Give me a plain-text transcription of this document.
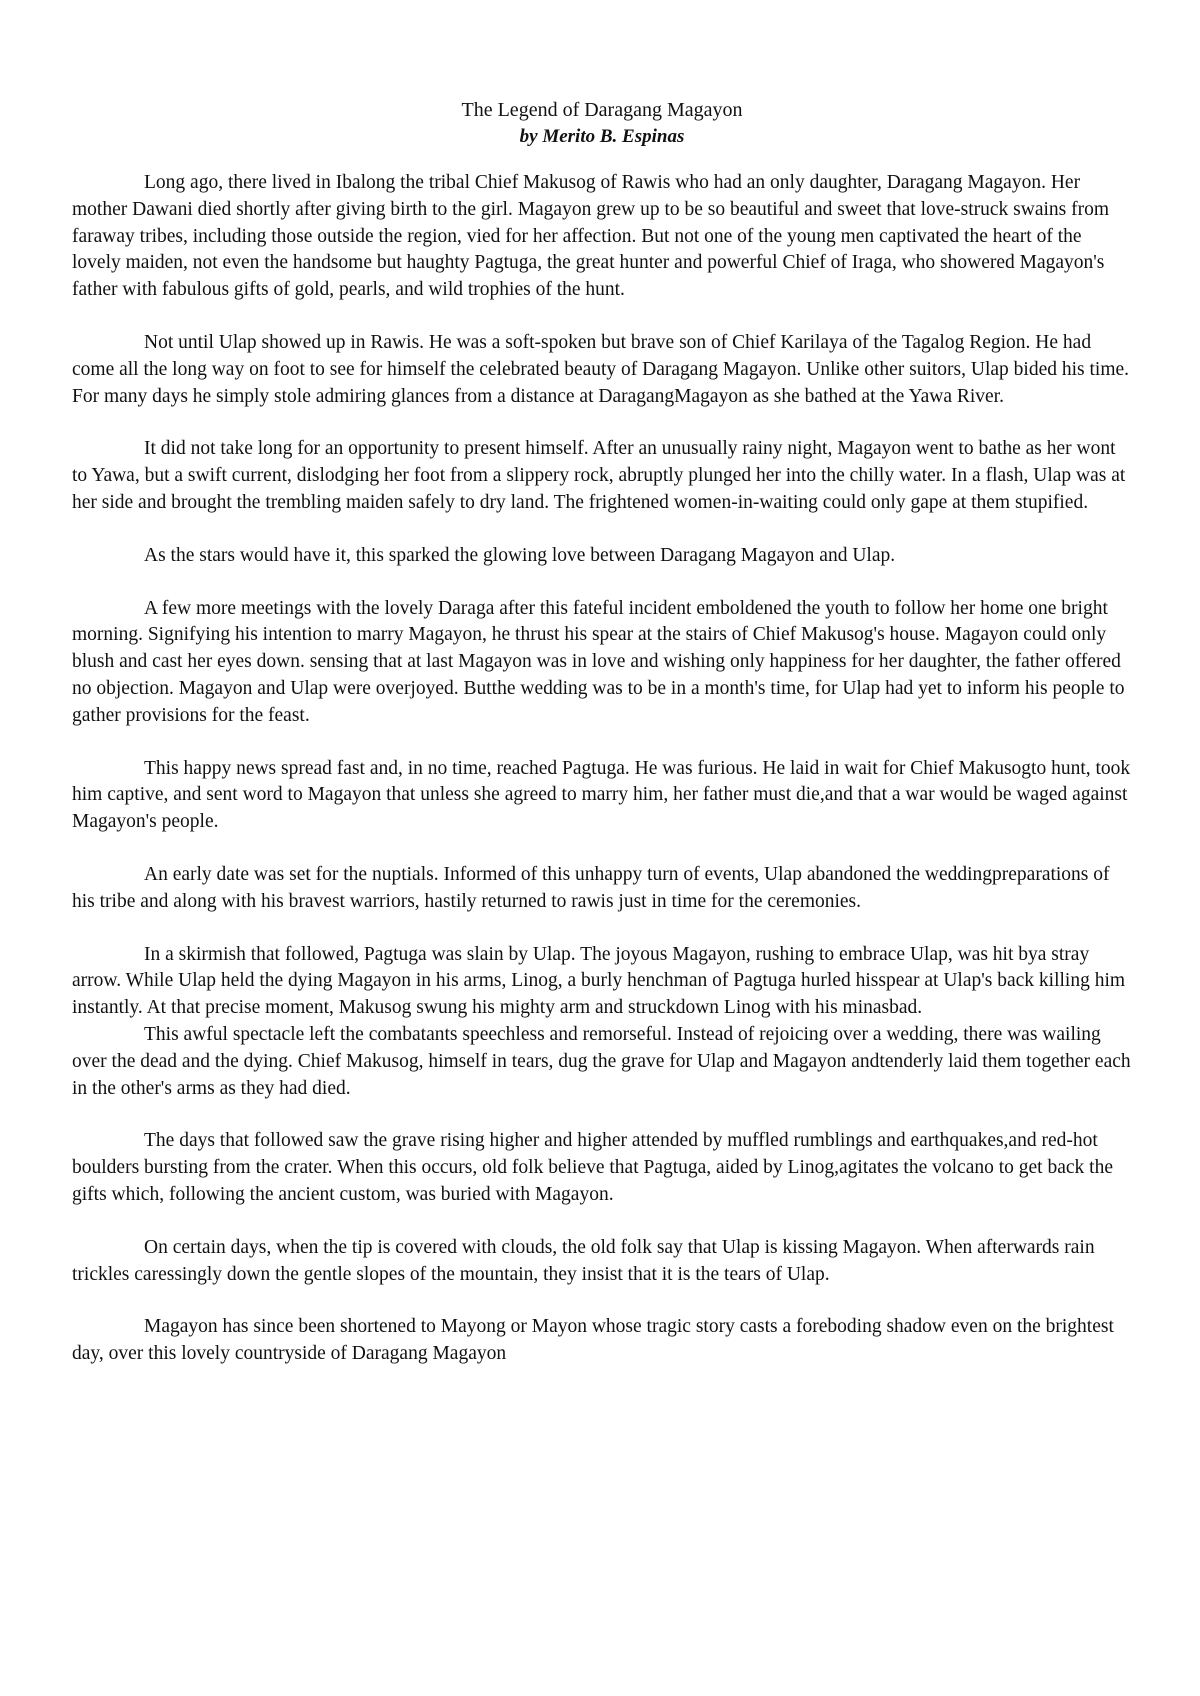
The Legend of Daragang Magayon

by Merito B. Espinas

Long ago, there lived in Ibalong the tribal Chief Makusog of Rawis who had an only daughter, Daragang Magayon. Her mother Dawani died shortly after giving birth to the girl. Magayon grew up to be so beautiful and sweet that love-struck swains from faraway tribes, including those outside the region, vied for her affection. But not one of the young men captivated the heart of the lovely maiden, not even the handsome but haughty Pagtuga, the great hunter and powerful Chief of Iraga, who showered Magayon's father with fabulous gifts of gold, pearls, and wild trophies of the hunt.

Not until Ulap showed up in Rawis. He was a soft-spoken but brave son of Chief Karilaya of the Tagalog Region. He had come all the long way on foot to see for himself the celebrated beauty of Daragang Magayon. Unlike other suitors, Ulap bided his time. For many days he simply stole admiring glances from a distance at DaragangMagayon as she bathed at the Yawa River.

It did not take long for an opportunity to present himself. After an unusually rainy night, Magayon went to bathe as her wont to Yawa, but a swift current, dislodging her foot from a slippery rock, abruptly plunged her into the chilly water. In a flash, Ulap was at her side and brought the trembling maiden safely to dry land. The frightened women-in-waiting could only gape at them stupified.

As the stars would have it, this sparked the glowing love between Daragang Magayon and Ulap.

A few more meetings with the lovely Daraga after this fateful incident emboldened the youth to follow her home one bright morning. Signifying his intention to marry Magayon, he thrust his spear at the stairs of Chief Makusog's house. Magayon could only blush and cast her eyes down. sensing that at last Magayon was in love and wishing only happiness for her daughter, the father offered no objection. Magayon and Ulap were overjoyed. Butthe wedding was to be in a month's time, for Ulap had yet to inform his people to gather provisions for the feast.

This happy news spread fast and, in no time, reached Pagtuga. He was furious. He laid in wait for Chief Makusogto hunt, took him captive, and sent word to Magayon that unless she agreed to marry him, her father must die,and that a war would be waged against Magayon's people.

An early date was set for the nuptials. Informed of this unhappy turn of events, Ulap abandoned the weddingpreparations of his tribe and along with his bravest warriors, hastily returned to rawis just in time for the ceremonies.

In a skirmish that followed, Pagtuga was slain by Ulap. The joyous Magayon, rushing to embrace Ulap, was hit bya stray arrow. While Ulap held the dying Magayon in his arms, Linog, a burly henchman of Pagtuga hurled hisspear at Ulap's back killing him instantly. At that precise moment, Makusog swung his mighty arm and struckdown Linog with his minasbad.

This awful spectacle left the combatants speechless and remorseful. Instead of rejoicing over a wedding, there was wailing over the dead and the dying. Chief Makusog, himself in tears, dug the grave for Ulap and Magayon andtenderly laid them together each in the other's arms as they had died.

The days that followed saw the grave rising higher and higher attended by muffled rumblings and earthquakes,and red-hot boulders bursting from the crater. When this occurs, old folk believe that Pagtuga, aided by Linog,agitates the volcano to get back the gifts which, following the ancient custom, was buried with Magayon.

On certain days, when the tip is covered with clouds, the old folk say that Ulap is kissing Magayon. When afterwards rain trickles caressingly down the gentle slopes of the mountain, they insist that it is the tears of Ulap.

Magayon has since been shortened to Mayong or Mayon whose tragic story casts a foreboding shadow even on the brightest day, over this lovely countryside of Daragang Magayon
